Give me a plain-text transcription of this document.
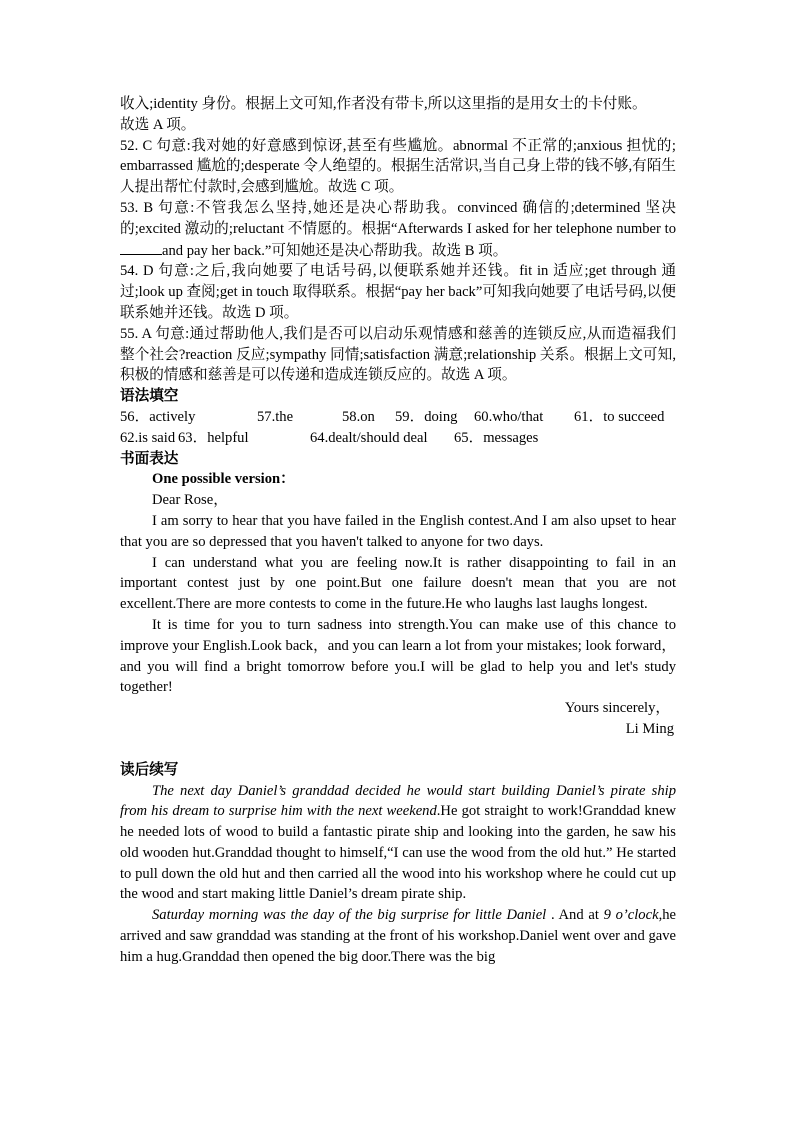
收入;identity 身份。根据上文可知,作者没有带卡,所以这里指的是用女士的卡付账。

故选 A 项。

52. C 句意:我对她的好意感到惊讶,甚至有些尴尬。abnormal 不正常的;anxious 担忧的; embarrassed 尴尬的;desperate 令人绝望的。根据生活常识,当自己身上带的钱不够,有陌生人提出帮忙付款时,会感到尴尬。故选 C 项。

53. B 句意:不管我怎么坚持,她还是决心帮助我。convinced 确信的;determined 坚决的;excited 激动的;reluctant 不情愿的。根据“Afterwards I asked for her telephone number to and pay her back.”可知她还是决心帮助我。故选 B 项。

54. D 句意:之后,我向她要了电话号码,以便联系她并还钱。fit in 适应;get through 通过;look up 查阅;get in touch 取得联系。根据“pay her back”可知我向她要了电话号码,以便联系她并还钱。故选 D 项。

55. A 句意:通过帮助他人,我们是否可以启动乐观情感和慈善的连锁反应,从而造福我们整个社会?reaction 反应;sympathy 同情;satisfaction 满意;relationship 关系。根据上文可知,积极的情感和慈善是可以传递和造成连锁反应的。故选 A 项。

语法填空

56．actively	57.the	58.on 59．doing 60.who/that 61．to succeed

62.is said 63．helpful	64.dealt/should deal 65．messages

书面表达

One possible version：

Dear Rose，

I am sorry to hear that you have failed in the English contest.And I am also upset to hear that you are so depressed that you haven't talked to anyone for two days.

I can understand what you are feeling now.It is rather disappointing to fail in an important contest just by one point.But one failure doesn't mean that you are not excellent.There are more contests to come in the future.He who laughs last laughs longest.

It is time for you to turn sadness into strength.You can make use of this chance to improve your English.Look back，and you can learn a lot from your mistakes; look forward，and you will find a bright tomorrow before you.I will be glad to help you and let's study together!

Yours sincerely，

Li Ming

读后续写

The next day Daniel’s granddad decided he would start building Daniel’s pirate ship from his dream to surprise him with the next weekend.He got straight to work!Granddad knew he needed lots of wood to build a fantastic pirate ship and looking into the garden, he saw his old wooden hut.Granddad thought to himself,“I can use the wood from the old hut.” He started to pull down the old hut and then carried all the wood into his workshop where he could cut up the wood and start making little Daniel’s dream pirate ship.

Saturday morning was the day of the big surprise for little Daniel . And at 9 o’clock,he arrived and saw granddad was standing at the front of his workshop.Daniel went over and gave him a hug.Granddad then opened the big door.There was the big
